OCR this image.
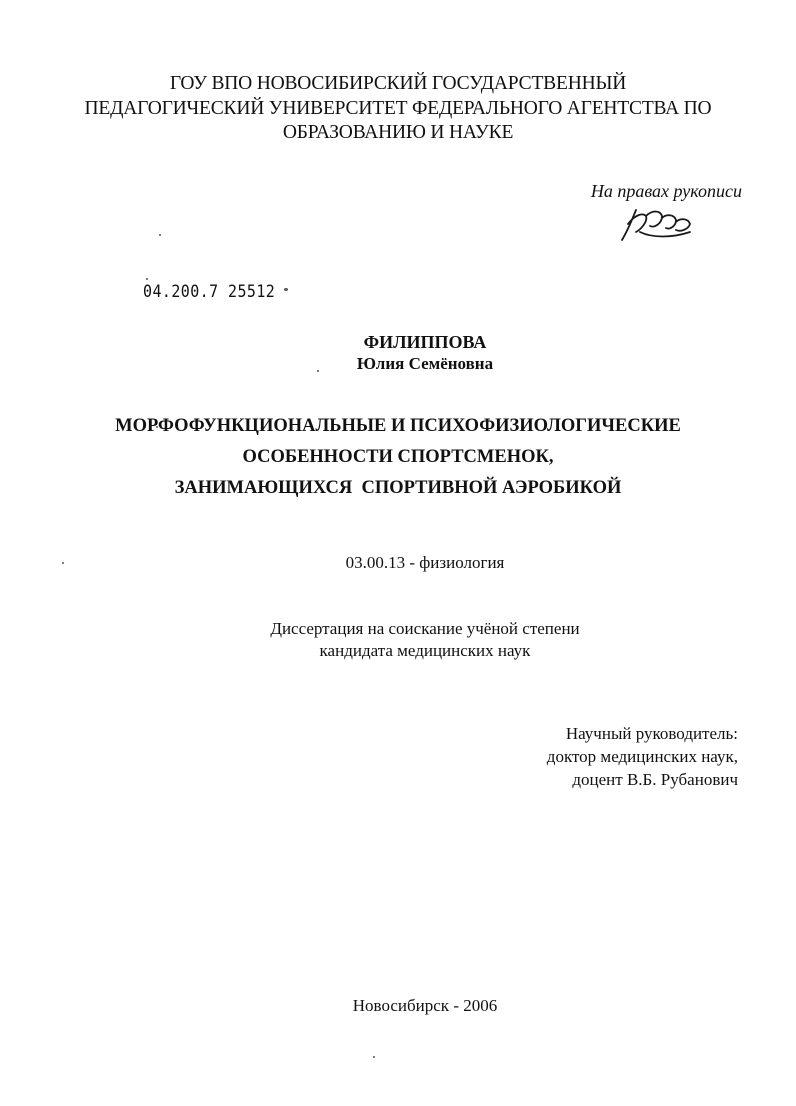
ГОУ ВПО НОВОСИБИРСКИЙ ГОСУДАРСТВЕННЫЙ
ПЕДАГОГИЧЕСКИЙ УНИВЕРСИТЕТ ФЕДЕРАЛЬНОГО АГЕНТСТВА ПО
ОБРАЗОВАНИЮ И НАУКЕ
На правах рукописи
04.200.7 25512
ФИЛИППОВА
Юлия Семёновна
МОРФОФУНКЦИОНАЛЬНЫЕ И ПСИХОФИЗИОЛОГИЧЕСКИЕ
ОСОБЕННОСТИ СПОРТСМЕНОК,
ЗАНИМАЮЩИХСЯ  СПОРТИВНОЙ АЭРОБИКОЙ
03.00.13 - физиология
Диссертация на соискание учёной степени
кандидата медицинских наук
Научный руководитель:
доктор медицинских наук,
доцент В.Б. Рубанович
Новосибирск - 2006
